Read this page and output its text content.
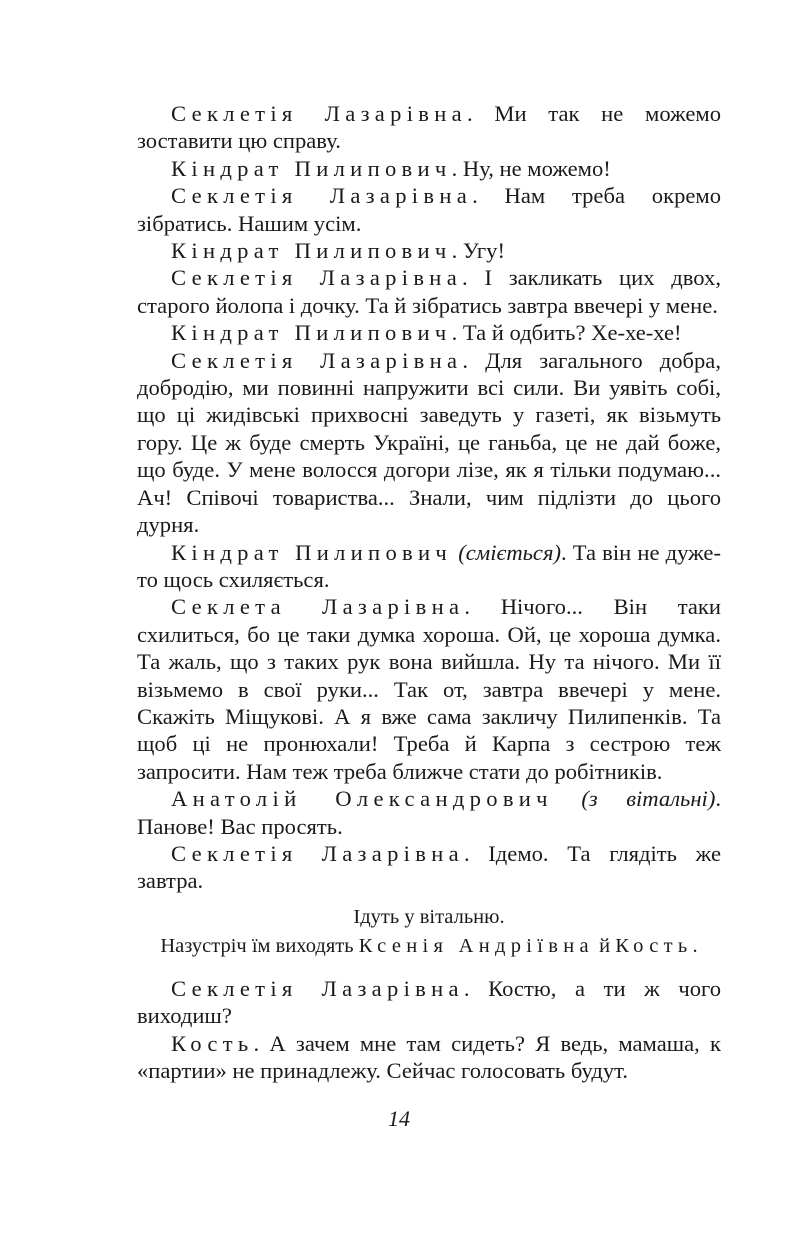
Секлетія Лазарівна. Ми так не можемо зоставити цю справу.

Кіндрат Пилипович. Ну, не можемо!

Секлетія Лазарівна. Нам треба окремо зібратись. Нашим усім.

Кіндрат Пилипович. Угу!

Секлетія Лазарівна. І закликать цих двох, старого йолопа і дочку. Та й зібратись завтра ввечері у мене.

Кіндрат Пилипович. Та й одбить? Хе-хе-хе!

Секлетія Лазарівна. Для загального добра, добродію, ми повинні напружити всі сили. Ви уявіть собі, що ці жидівські прихвосні заведуть у газеті, як візьмуть гору. Це ж буде смерть Україні, це ганьба, це не дай боже, що буде. У мене волосся догори лізе, як я тільки подумаю... Ач! Співочі товариства... Знали, чим підлізти до цього дурня.

Кіндрат Пилипович (сміється). Та він не дуже-то щось схиляється.

Секлета Лазарівна. Нічого... Він таки схилиться, бо це таки думка хороша. Ой, це хороша думка. Та жаль, що з таких рук вона вийшла. Ну та нічого. Ми її візьмемо в свої руки... Так от, завтра ввечері у мене. Скажіть Міщукові. А я вже сама закличу Пилипенків. Та щоб ці не пронюхали! Треба й Карпа з сестрою теж запросити. Нам теж треба ближче стати до робітників.

Анатолій Олександрович (з вітальні). Панове! Вас просять.

Секлетія Лазарівна. Ідемо. Та глядіть же завтра.

Ідуть у вітальню.
Назустріч їм виходять Ксенія Андріївна й Кость.

Секлетія Лазарівна. Костю, а ти ж чого виходиш?

Кость. А зачем мне там сидеть? Я ведь, мамаша, к «партии» не принадлежу. Сейчас голосовать будут.

14
